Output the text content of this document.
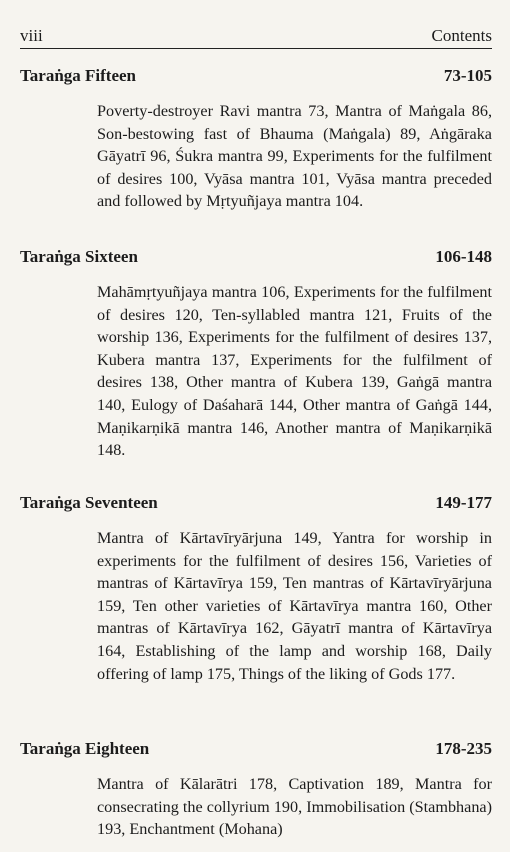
viii	Contents
Taraṅga Fifteen	73-105
Poverty-destroyer Ravi mantra 73, Mantra of Maṅgala 86, Son-bestowing fast of Bhauma (Maṅgala) 89, Aṅgāraka Gāyatrī 96, Śukra mantra 99, Experiments for the fulfilment of desires 100, Vyāsa mantra 101, Vyāsa mantra preceded and followed by Mṛtyuñjaya mantra 104.
Taraṅga Sixteen	106-148
Mahāmṛtyuñjaya mantra 106, Experiments for the fulfilment of desires 120, Ten-syllabled mantra 121, Fruits of the worship 136, Experiments for the fulfilment of desires 137, Kubera mantra 137, Experiments for the fulfilment of desires 138, Other mantra of Kubera 139, Gaṅgā mantra 140, Eulogy of Daśaharā 144, Other mantra of Gaṅgā 144, Maṇikarṇikā mantra 146, Another mantra of Maṇikarṇikā 148.
Taraṅga Seventeen	149-177
Mantra of Kārtavīryārjuna 149, Yantra for worship in experiments for the fulfilment of desires 156, Varieties of mantras of Kārtavīrya 159, Ten mantras of Kārtavīryārjuna 159, Ten other varieties of Kārtavīrya mantra 160, Other mantras of Kārtavīrya 162, Gāyatrī mantra of Kārtavīrya 164, Establishing of the lamp and worship 168, Daily offering of lamp 175, Things of the liking of Gods 177.
Taraṅga Eighteen	178-235
Mantra of Kālarātri 178, Captivation 189, Mantra for consecrating the collyrium 190, Immobilisation (Stambhana) 193, Enchantment (Mohana)
